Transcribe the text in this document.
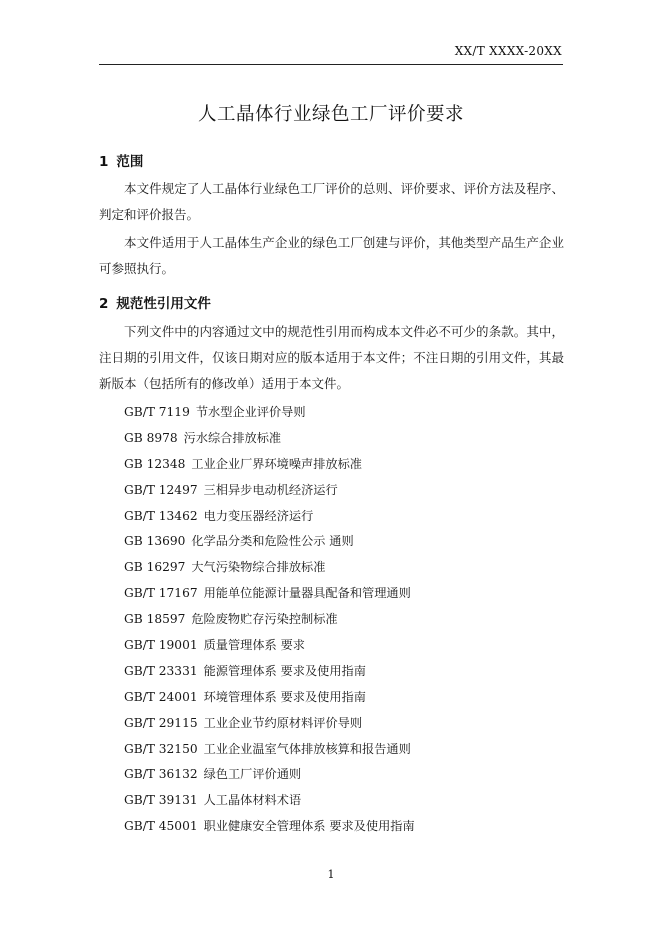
XX/T XXXX-20XX
人工晶体行业绿色工厂评价要求
1 范围

本文件规定了人工晶体行业绿色工厂评价的总则、评价要求、评价方法及程序、判定和评价报告。

本文件适用于人工晶体生产企业的绿色工厂创建与评价，其他类型产品生产企业可参照执行。

2 规范性引用文件

下列文件中的内容通过文中的规范性引用而构成本文件必不可少的条款。其中，注日期的引用文件，仅该日期对应的版本适用于本文件；不注日期的引用文件，其最新版本（包括所有的修改单）适用于本文件。

GB/T 7119 节水型企业评价导则
GB 8978 污水综合排放标准
GB 12348 工业企业厂界环境噪声排放标准
GB/T 12497 三相异步电动机经济运行
GB/T 13462 电力变压器经济运行
GB 13690 化学品分类和危险性公示 通则
GB 16297 大气污染物综合排放标准
GB/T 17167 用能单位能源计量器具配备和管理通则
GB 18597 危险废物贮存污染控制标准
GB/T 19001 质量管理体系 要求
GB/T 23331 能源管理体系 要求及使用指南
GB/T 24001 环境管理体系 要求及使用指南
GB/T 29115 工业企业节约原材料评价导则
GB/T 32150 工业企业温室气体排放核算和报告通则
GB/T 36132 绿色工厂评价通则
GB/T 39131 人工晶体材料术语
GB/T 45001 职业健康安全管理体系 要求及使用指南
1
